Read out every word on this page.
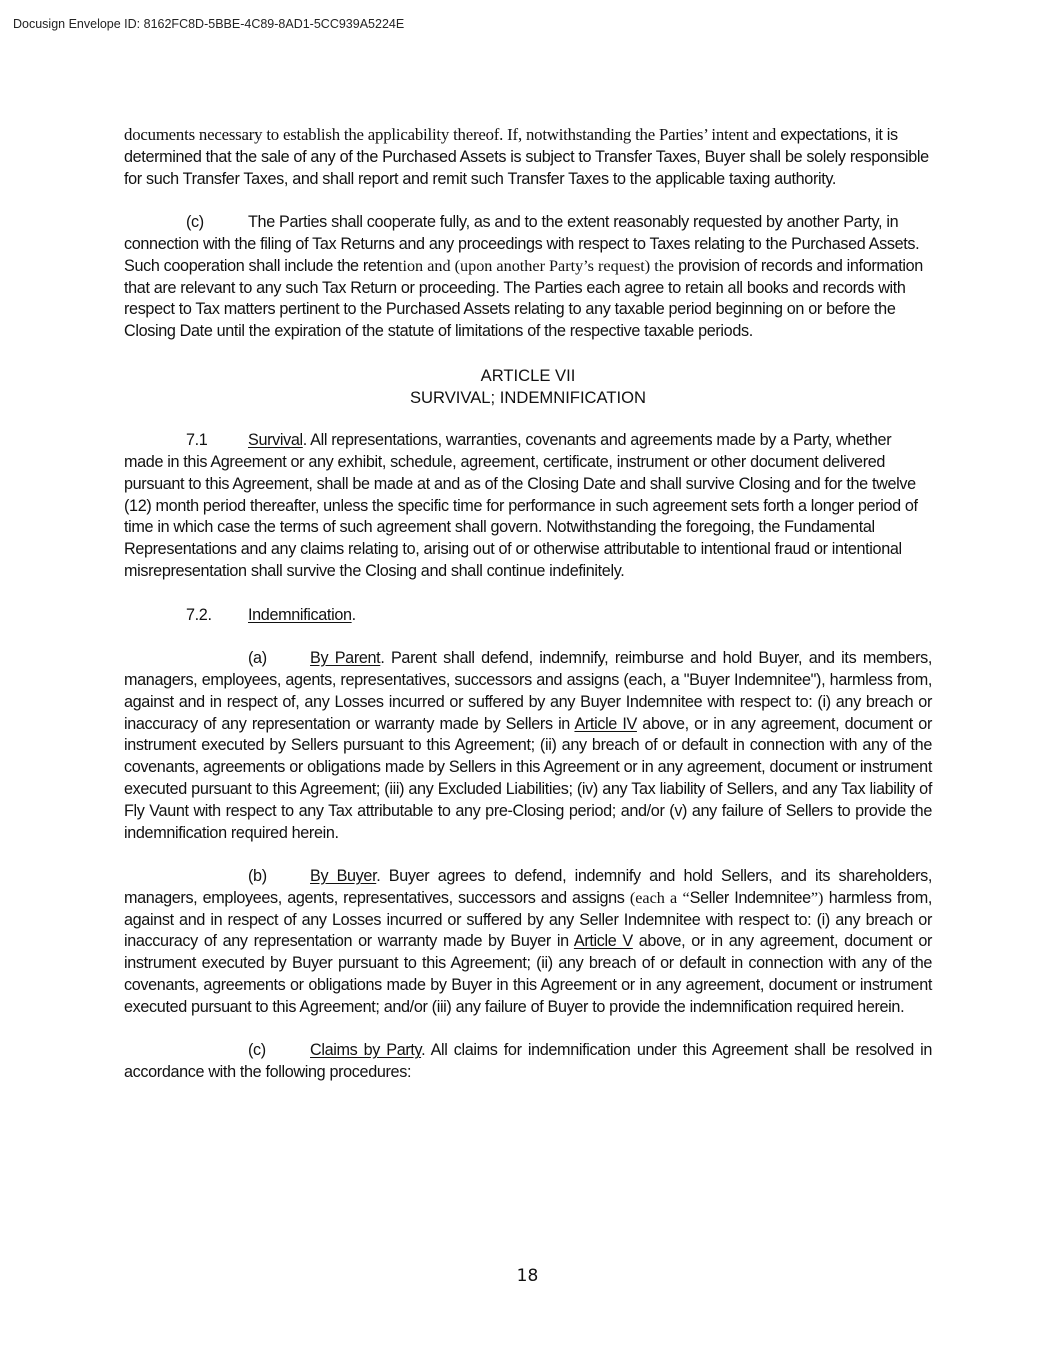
Docusign Envelope ID: 8162FC8D-5BBE-4C89-8AD1-5CC939A5224E

documents necessary to establish the applicability thereof. If, notwithstanding the Parties’ intent and expectations, it is determined that the sale of any of the Purchased Assets is subject to Transfer Taxes, Buyer shall be solely responsible for such Transfer Taxes, and shall report and remit such Transfer Taxes to the applicable taxing authority.

(c)	The Parties shall cooperate fully, as and to the extent reasonably requested by another Party, in connection with the filing of Tax Returns and any proceedings with respect to Taxes relating to the Purchased Assets. Such cooperation shall include the retention and (upon another Party’s request) the provision of records and information that are relevant to any such Tax Return or proceeding. The Parties each agree to retain all books and records with respect to Tax matters pertinent to the Purchased Assets relating to any taxable period beginning on or before the Closing Date until the expiration of the statute of limitations of the respective taxable periods.

ARTICLE VII

SURVIVAL; INDEMNIFICATION

7.1	Survival. All representations, warranties, covenants and agreements made by a Party, whether made in this Agreement or any exhibit, schedule, agreement, certificate, instrument or other document delivered pursuant to this Agreement, shall be made at and as of the Closing Date and shall survive Closing and for the twelve (12) month period thereafter, unless the specific time for performance in such agreement sets forth a longer period of time in which case the terms of such agreement shall govern. Notwithstanding the foregoing, the Fundamental Representations and any claims relating to, arising out of or otherwise attributable to intentional fraud or intentional misrepresentation shall survive the Closing and shall continue indefinitely.

7.2. Indemnification.

(a)	By Parent. Parent shall defend, indemnify, reimburse and hold Buyer, and its members, managers, employees, agents, representatives, successors and assigns (each, a "Buyer Indemnitee"), harmless from, against and in respect of, any Losses incurred or suffered by any Buyer Indemnitee with respect to: (i) any breach or inaccuracy of any representation or warranty made by Sellers in Article IV above, or in any agreement, document or instrument executed by Sellers pursuant to this Agreement; (ii) any breach of or default in connection with any of the covenants, agreements or obligations made by Sellers in this Agreement or in any agreement, document or instrument executed pursuant to this Agreement; (iii) any Excluded Liabilities; (iv) any Tax liability of Sellers, and any Tax liability of Fly Vaunt with respect to any Tax attributable to any pre-Closing period; and/or (v) any failure of Sellers to provide the indemnification required herein.

(b)	By Buyer. Buyer agrees to defend, indemnify and hold Sellers, and its shareholders, managers, employees, agents, representatives, successors and assigns (each a “Seller Indemnitee”) harmless from, against and in respect of any Losses incurred or suffered by any Seller Indemnitee with respect to: (i) any breach or inaccuracy of any representation or warranty made by Buyer in Article V above, or in any agreement, document or instrument executed by Buyer pursuant to this Agreement; (ii) any breach of or default in connection with any of the covenants, agreements or obligations made by Buyer in this Agreement or in any agreement, document or instrument executed pursuant to this Agreement; and/or (iii) any failure of Buyer to provide the indemnification required herein.

(c)	Claims by Party. All claims for indemnification under this Agreement shall be resolved in accordance with the following procedures:

18
